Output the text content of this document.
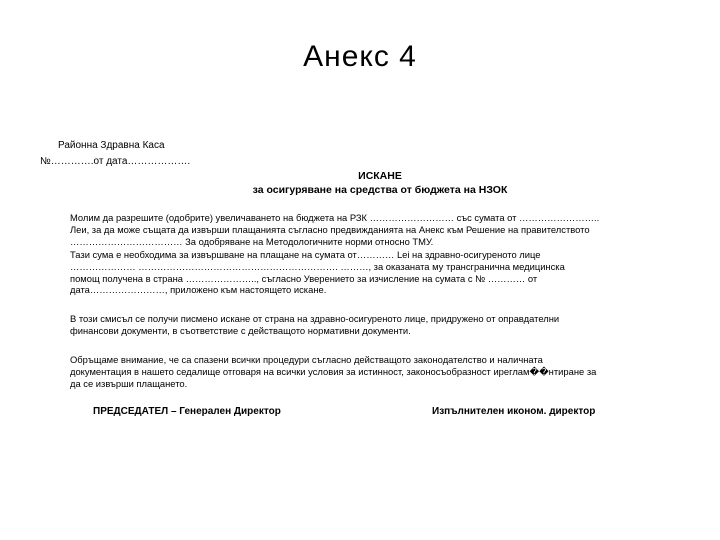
Анекс 4
Районна Здравна Каса
№………….от дата……………….
ИСКАНЕ
за осигуряване на средства от бюджета на НЗОК
Молим да разрешите (одобрите) увеличаването на бюджета на РЗК ……………………… със сумата от ……………………..
Леи, за да може същата да извърши плащанията съгласно предвижданията на Анекс към Решение на правителството
……………………………… За одобряване на Методологичните норми относно ТМУ.
Тази сума е необходима за извършване на плащане на сумата от………… Lei на здравно-осигуреното лице
………………… ………………………………………………………. ………, за оказаната му трансгранична медицинска
помощ получена в страна ………………….., съгласно Уверението за изчисление на сумата с № ………… от
дата……………………, приложено към настоящето искане.
В този смисъл се получи писмено искане от страна на здравно-осигуреното лице, придружено от оправдателни
финансови документи, в съответствие с действащото нормативни документи.
Обръщаме внимание, че са спазени всички процедури съгласно действащото законодателство и наличната
документация в нашето седалище отговаря на всички условия за истинност, законосъобразност иреглам��нтиране за
да се извърши плащането.
ПРЕДСЕДАТЕЛ – Генерален Директор	Изпълнителен иконом. директор
